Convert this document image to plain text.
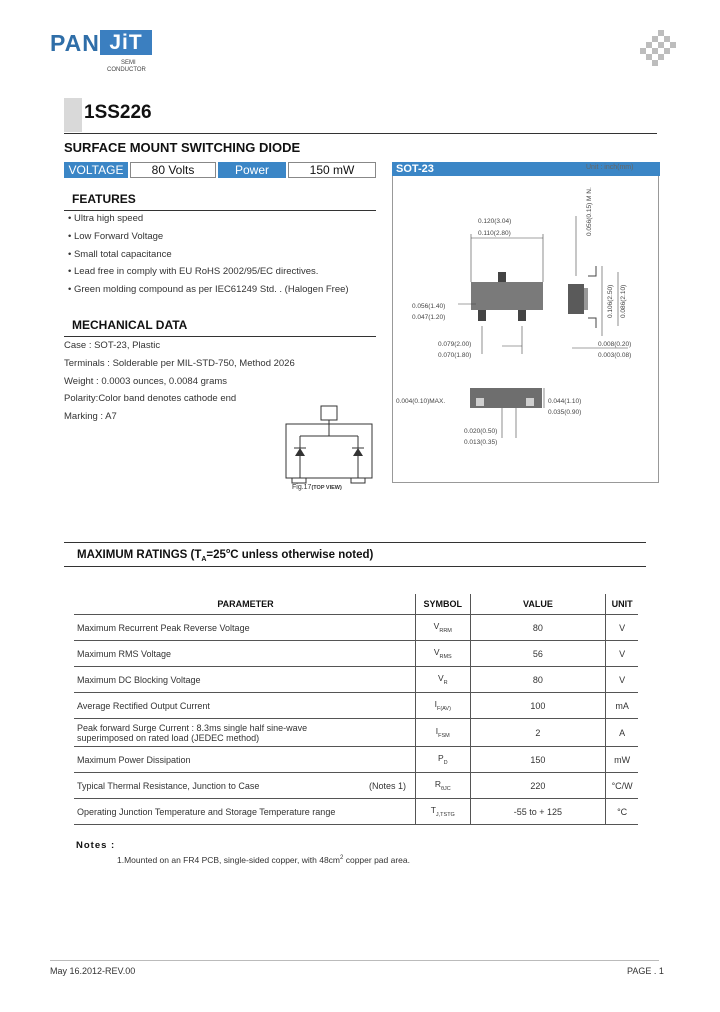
PAN JiT
SEMI
CONDUCTOR
1SS226
SURFACE MOUNT SWITCHING DIODE
VOLTAGE	80 Volts	Power	150 mW	SOT-23	Unit : inch(mm)
0.120(3.04)
0.110(2.80)	0.056(0.15) M N.
0.056(1.40)
0.047(1.20)	0.106(2.50) 0.086(2.10)
0.079(2.00)
0.070(1.80)
0.008(0.20)
0.003(0.08)
0.004(0.10)MAX.	0.044(1.10)
0.035(0.90)
0.020(0.50)
0.013(0.35)
FEATURES
• Ultra high speed
• Low Forward Voltage
• Small total capacitance
• Lead free in comply with EU RoHS 2002/95/EC directives.
• Green molding compound as per IEC61249 Std. . (Halogen Free)
MECHANICAL DATA
Case : SOT-23, Plastic
Terminals : Solderable per MIL-STD-750, Method 2026
Weight : 0.0003 ounces, 0.0084 grams
Polarity:Color band denotes cathode end
Marking : A7
Fig.17(TOP VIEW)
MAXIMUM RATINGS ($T_A=25^oC$ unless otherwise noted)
PARAMETER	SYMBOL	VALUE	UNIT
Maximum Recurrent Peak Reverse Voltage	$V_{RRM}$	80	V
Maximum RMS Voltage	$V_{RMS}$	56	V
Maximum DC Blocking Voltage	$V_R$	80	V
Average Rectified Output Current	$I_{F(AV)}$	100	mA

Peak forward Surge Current : 8.3ms single half sine-wave
superimposed on rated load (JEDEC method)	$I_{FSM}$	2	A
Maximum Power Dissipation	$P_D$	150	mW
Typical Thermal Resistance, Junction to Case (Notes 1)	$R_{\theta JC}$	220	°C/W
Operating Junction Temperature and Storage Temperature range	$T_{J,TSTG}$	-55 to + 125	°C
Notes :
1.Mounted on an FR4 PCB, single-sided copper, with $48cm^2$ copper pad area.
May 16.2012-REV.00	PAGE . 1
